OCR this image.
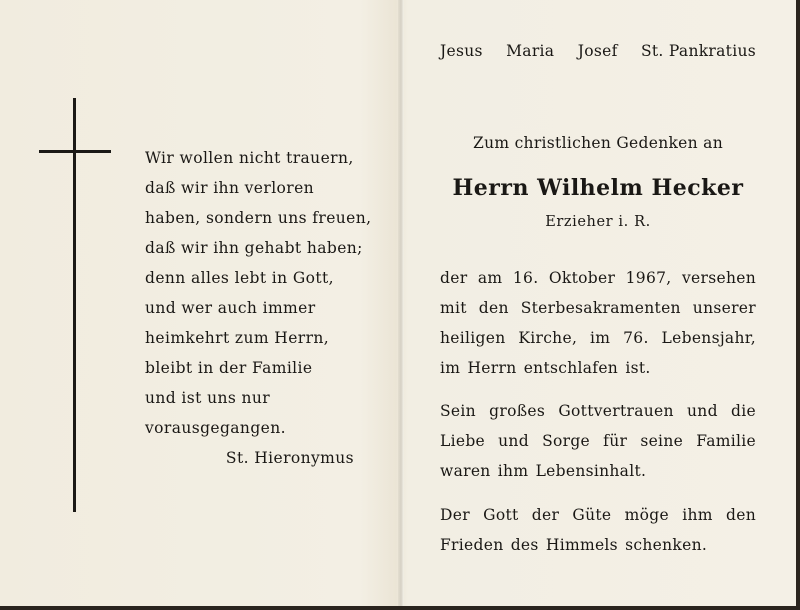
Wir wollen nicht trauern,
daß wir ihn verloren
haben, sondern uns freuen,
daß wir ihn gehabt haben;
denn alles lebt in Gott,
und wer auch immer
heimkehrt zum Herrn,
bleibt in der Familie
und ist uns nur
vorausgegangen.
St. Hieronymus
Jesus Maria Josef St. Pankratius
Zum christlichen Gedenken an
Herrn Wilhelm Hecker
Erzieher i. R.
der am 16. Oktober 1967, versehen
mit den Sterbesakramenten unserer
heiligen Kirche, im 76. Lebensjahr,
im Herrn entschlafen ist.
Sein großes Gottvertrauen und die
Liebe und Sorge für seine Familie
waren ihm Lebensinhalt.
Der Gott der Güte möge ihm den
Frieden des Himmels schenken.
